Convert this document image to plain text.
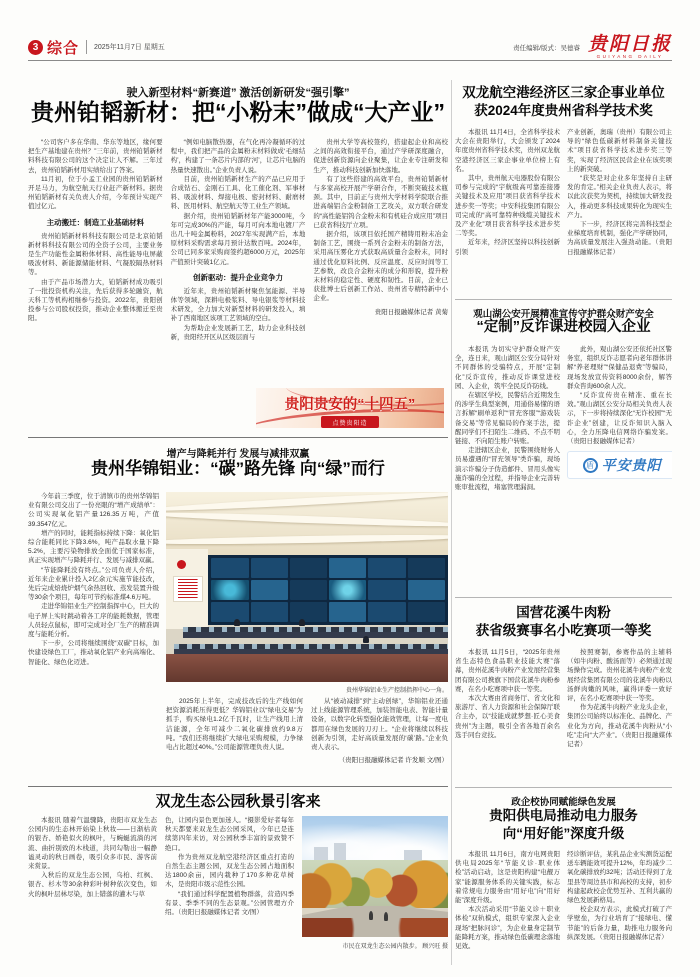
3 综合 2025年11月7日 星期五	责任编辑/版式：吴德睿 贵阳日报
GUIYANG DAILY
驶入新型材料“新赛道” 激活创新研发“强引擎”
贵州铂韬新材：把“小粉末”做成“大产业”

“公司客户多在华南、华东等地区，缘何要把生产基地建在贵州？”三年前，贵州铂韬新材料科技有限公司的这个决定让人不解。三年过去，贵州铂韬新材用实绩给出了答案。

11月初，位于小孟工业园的贵州铂韬新材开足马力，为航空航天行业赶产新材料。据贵州铂韬新材有关负责人介绍，今年预计实现产值过亿元。

主动搬迁：制造工业基础材料

贵州铂韬新材料科技有限公司是北京铂韬新材料科技有限公司的全资子公司，主要业务是生产功能性金属粉体材料、高性能导电屏蔽吸波材料、新能源储能材料、气凝胶隔热材料等。

由于产品市场潜力大，铂韬新材成功吸引了一批投资机构关注，先后获得多轮融资，航天科工等机构相继参与投资。2022年，贵阳创投参与公司股权投资，推动企业整体搬迁至贵阳。

“例如电脑散热器，在气化再冷凝循环的过程中，我们把产品的金属粉末材料做成‘毛细结构’，构建了一条芯片内部的‘河’，让芯片电脑的热量快速散出。”企业负责人说。

目前，贵州铂韬新材生产的产品已应用于合成钻石、金刚石工具、化工催化剂、军事材料、吸波材料、焊接电极、密封材料、耐磨材料、医用材料、航空航天等工业生产领域。

据介绍，贵州铂韬新材年产能3000吨，今年可完成30%的产能，每月可向本地电镀厂产出几十吨金属粉料，2027年实现满产后，本地原材料采购需求每月预计达数百吨。2024年，公司已同多家采购商签约超6000万元，2025年产值预计突破1亿元。

创新驱动：提升企业竞争力

近年来，贵州铂韬新材聚焦氢能源、半导体等领域，深耕电极浆料、导电银浆等材料技术研发，全力加大对新型材料的研发投入，填补了西南地区该项工艺领域的空白。

为帮助企业发展新工艺，助力企业科技创新，贵阳经开区从区级层面与

贵州大学等高校签约，搭建起企业和高校之间的高效衔接平台，通过产学研深度融合，促进创新资源向企业聚集，让企业专注研发和生产，推动科技创新加快落地。

有了这些搭建的高效平台，贵州铂韬新材与多家高校开展产学研合作，不断突破技术瓶颈。其中，目前正与贵州大学材料学院联合推进高端铝合金粉制备工艺攻关，双方联合研发的“高性能铝钨合金粉末和有机硅合成应用”项目已获省科技厅立项。

据介绍，该项目依托国产精铸用粉末冶金制备工艺，围绕一系列合金粉末的制备方法，采用高压雾化方式获取高质量合金粉末，同时通过优化原料比例、反应温度、反应时间等工艺参数，改良合金粉末的成分和形貌，提升粉末材料的稳定性、硬度和韧性。目前，企业已获批博士后创新工作站、贵州省专精特新中小企业。

贵阳日报融媒体记者 黄菊
贵阳贵安的“十四五”
点赞贵阳造
增产与降耗并行 发展与减排双赢
贵州华锦铝业：“碳”路先锋 向“绿”而行

今年前三季度，位于清镇市的贵州华锦铝业有限公司交出了一份亮眼的“增产成绩单”：公司实现氧化铝产量126.35万吨，产值39.3547亿元。

增产的同时，能耗指标持续下降：氧化铝综合能耗同比下降3.6%，吨产品取水量下降5.2%，主要污染物排放全面优于国家标准，真正实现增产与降耗并行、发展与减排双赢。

“节能降耗没有终点。”公司负责人介绍，近年来企业累计投入2亿余元实施节能技改，先后完成焙烧炉烟气余热回收、蒸发装置升级等30余个项目，每年可节约标准煤4.6万吨。

走进华锦铝业生产控制指挥中心，巨大的电子屏上实时跳动着各工序的能耗数据，管理人员轻点鼠标，即可完成对全厂生产的精准调度与能耗分析。

下一步，公司将继续围绕“双碳”目标，加快建设绿色工厂，推动氧化铝产业向高端化、智能化、绿色化迈进。

贵州华锦铝业生产控制指挥中心一角。

2025年上半年，完成技改后的生产线如何把资源消耗压得更低？华锦铝业以“绿电交易”为抓手，购买绿电1.2亿千瓦时，让生产线用上清洁能源，全年可减少二氧化碳排放约9.8万吨。“我们还将继续扩大绿电采购规模，力争绿电占比超过40%。”公司能源管理负责人说。

从“被动减排”到“主动创绿”，华锦铝业还通过上线能源管理系统，加装智能电表、智能计量设备，以数字化转型强化能效管理，让每一度电都用在绿色发展的刀刃上。“企业将继续以科技创新为引领，走好高质量发展的‘碳’路。”企业负责人表示。

（贵阳日报融媒体记者 许发顺 文/图）
双龙生态公园秋景引客来

本报讯 随着气温骤降，贵阳市双龙生态公园内的生态林开始染上秋妆——日渐枯黄的银杏、娇艳似火的枫叶，与蜿蜒流淌的河流、曲折别致的木栈道，共同勾勒出一幅静谧灵动的秋日画卷，吸引众多市民、游客前来赏景。

入秋后的双龙生态公园，乌桕、红枫、银杏、杉木等30余种彩叶树种依次变色，如火的枫叶层林尽染，加上错落的灌木与草

色，让园内景色更加迷人。“摄影爱好者每年秋天都要来双龙生态公园采风，今年已是连续第四年来访，对公园秋季丰富的景致赞不绝口。

作为贵州双龙航空港经济区重点打造的自然生态主题公园，双龙生态公园占地面积达1800余亩，园内栽种了170多种花草树木，是贵阳市级示范性公园。

“我们通过科学配置植物群落，营造四季有景、季季不同的生态景观。”公园管理方介绍。（贵阳日报融媒体记者 文/图）

市民在双龙生态公园内散步。 顾兴旺 摄
双龙航空港经济区三家企事业单位
获2024年度贵州省科学技术奖

本报讯 11月4日，全省科学技术大会在贵阳举行，大会颁发了2024年度贵州省科学技术奖，贵州双龙航空港经济区三家企事业单位榜上有名。

其中，贵州航天电器股份有限公司参与完成的“宇航级高可靠连接器关键技术及应用”项目获省科学技术进步奖一等奖；中安科技集团有限公司完成的“高可靠特种线缆关键技术及产业化”项目获省科学技术进步奖二等奖。

近年来，经济区坚持以科技创新引领

产业创新，奥瑞（贵州）有限公司主导的“绿色低碳新材料制备关键技术”项目获省科学技术进步奖三等奖，实现了经济区民营企业在该奖项上的新突破。

“获奖是对企业多年坚持自主研发的肯定。”相关企业负责人表示，将以此次获奖为契机，持续加大研发投入，推动更多科技成果转化为现实生产力。

下一步，经济区将完善科技型企业梯度培育机制，强化产学研协同，为高质量发展注入强劲动能。（贵阳日报融媒体记者）

观山湖公安开展精准宣传守护群众财产安全
“定制”反诈课进校园入企业

本报讯 为切实守护群众财产安全，连日来，观山湖区公安分局针对不同群体的受骗特点，开展“定制化”反诈宣传，推动反诈课堂进校园、入企业，筑牢全民反诈防线。

在辖区学校，民警结合近期发生的涉学生典型案例，用通俗易懂的语言拆解“刷单返利”“冒充客服”“游戏装备交易”等常见骗局的作案手法，提醒同学们不扫陌生二维码、不点不明链接、不向陌生账户转账。

走进辖区企业，民警围绕财务人员易遭遇的“冒充领导”类诈骗，现场演示诈骗分子伪造邮件、冒用头像实施诈骗的全过程，并指导企业完善转账审批流程，堵塞管理漏洞。

此外，观山湖公安还依托社区警务室，组织反诈志愿者向老年群体讲解“养老理财”“保健品退费”等骗局，现场发放宣传资料8000余份，解答群众咨询600余人次。

“反诈宣传贵在精准、重在长效。”观山湖区公安分局相关负责人表示，下一步将持续深化“无诈校园”“无诈企业”创建，让反诈知识入脑入心，全力压降电信网络诈骗发案。（贵阳日报融媒体记者）

盾 平安贵阳
国营花溪牛肉粉
获省级赛事名小吃赛项一等奖

本报讯 11月5日，“2025年贵州省生态特色食品职业技能大赛”落幕，贵州花溪牛肉粉产业发展经营集团有限公司携旗下国营花溪牛肉粉参赛，在名小吃赛项中获一等奖。

本次大赛由省商务厅、省文化和旅游厅、省人力资源和社会保障厅联合主办，以“技能成就梦想·匠心美食贵州”为主题，吸引全省各地百余名选手同台竞技。

按照赛制，参赛作品的主辅料（如牛肉粉、酸汤面等）必须通过现场操作完成。贵州花溪牛肉粉产业发展经营集团有限公司的花溪牛肉粉以汤鲜肉嫩的风味，赢得评委一致好评，在名小吃赛项中获一等奖。

作为花溪牛肉粉产业龙头企业，集团公司始终以标准化、品牌化、产业化为方向，推动花溪牛肉粉从“小吃”走向“大产业”。（贵阳日报融媒体记者）

政企校协同赋能绿色发展
贵阳供电局推动电力服务
向“用好能”深度升级

本报讯 11月6日，南方电网贵阳供电局2025年“节能义诊·职业体检”活动启动，这是贵阳构建“电靓万家”能源服务体系的关键实践，标志着常规电力服务由“用好电”向“用好能”深度升级。

本次活动采用“节能义诊＋职业体检”双轨模式，组织专家深入企业现场“把脉问诊”，为企业量身定制节能降耗方案，推动绿色低碳理念落地见效。

经诊断评估，某乳品企业实测货运配送车辆能效可提升12%，年均减少二氧化碳排放约32吨；活动还得到了龙里县等周边县市和高校的支持，初步构建起政校企优势互补、互利共赢的绿色发展新格局。

校企双方表示，此模式打破了产学壁垒，为行业培育了“接绿电、懂节能”的后备力量，助推电力服务向纵深发展。（贵阳日报融媒体记者）
